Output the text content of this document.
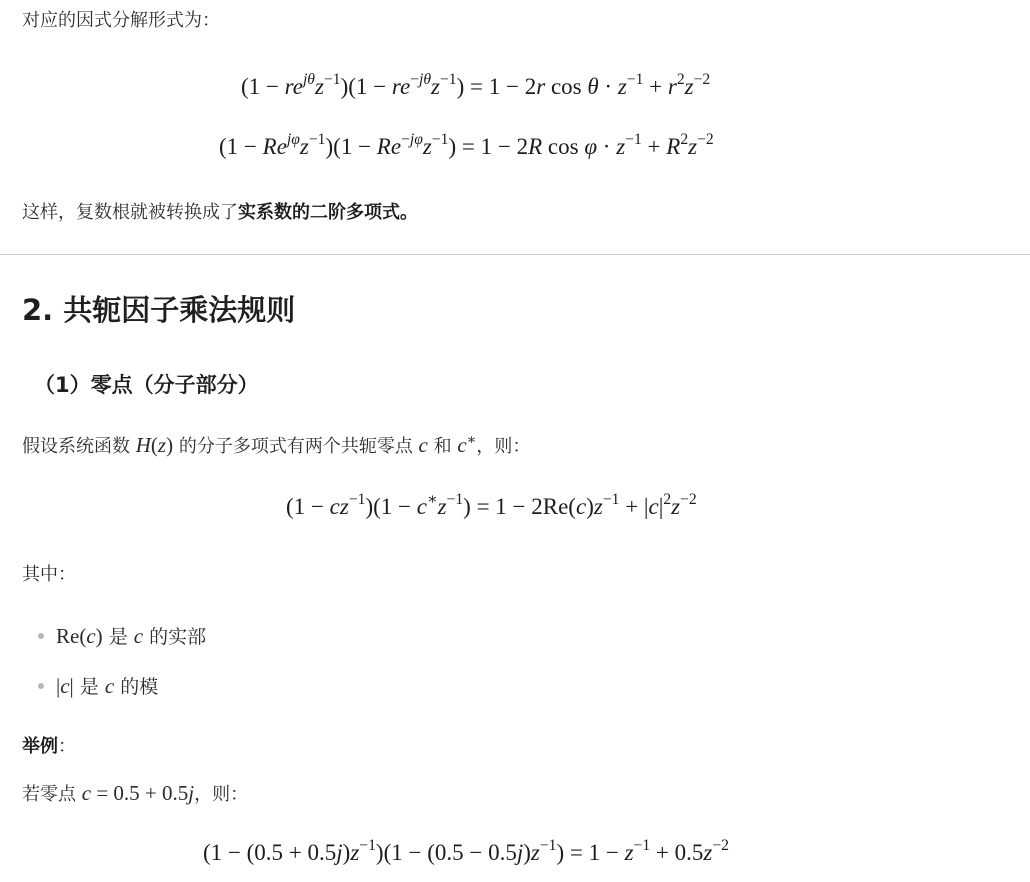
对应的因式分解形式为：
$(1 - re^{j\theta}z^{-1})(1 - re^{-j\theta}z^{-1}) = 1 - 2r$ $\cos \theta \cdot z^{-1} + r^2z^{-2}$
$(1 - Re^{j\varphi}z^{-1})(1 - Re^{-j\varphi}z^{-1}) = 1 - 2R$ $\cos \varphi \cdot z^{-1} + R^2z^{-2}$
这样，复数根就被转换成了实系数的二阶多项式。
2. 共轭因子乘法规则
（1）零点（分子部分）
假设系统函数 H(z) 的分子多项式有两个共轭零点 c 和 c∗，则：
$(1 - cz^{-1})(1 - c^∗z^{-1}) = 1 - 2Re(c)z^{-1} + |c|^2z^{-2}$
其中：
Re(c) 是 c 的实部
|c| 是 c 的模
举例：
若零点 c = 0.5 + 0.5j，则：
$(1 - (0.5 + 0.5j)z^{-1})(1 - (0.5 - 0.5j)z^{-1}) = 1 - z^{-1} + 0.5z^{-2}$
